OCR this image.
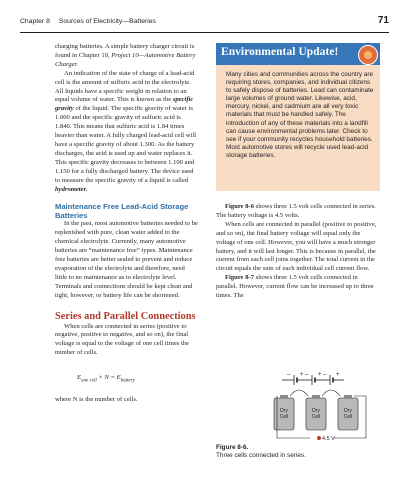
Chapter 8 Sources of Electricity—Batteries	71

charging batteries. A simple battery charger circuit is found in Chapter 19, Project 10—Automotive Battery Charger.

An indication of the state of charge of a lead-acid cell is the amount of sulfuric acid in the electrolyte. All liquids have a specific weight in relation to an equal volume of water. This is known as the specific gravity of the liquid. The specific gravity of water is 1.000 and the specific gravity of sulfuric acid is 1.840. This means that sulfuric acid is 1.84 times heavier than water. A fully charged lead-acid cell will have a specific gravity of about 1.300. As the battery discharges, the acid is used up and water replaces it. This specific gravity decreases to between 1.100 and 1.150 for a fully discharged battery. The device used to measure the specific gravity of a liquid is called hydrometer.

Maintenance Free Lead-Acid Storage Batteries

In the past, most automotive batteries needed to be replenished with pure, clean water added to the chemical electrolyte. Currently, many automotive batteries are “maintenance free” types. Maintenance free batteries are better sealed to prevent and reduce evaporation of the electrolyte and therefore, need little to no maintenance as to electrolyte level. Terminals and connections should be kept clean and tight, however, or battery life can be shortened.

Series and Parallel Connections

When cells are connected in series (positive to negative, positive to negative, and so on), the final voltage is equal to the voltage of one cell times the number of cells.

$E_{one cell} \times N = E_{battery}$

where N is the number of cells.

Environmental Update!
Many cities and communities across the country are requiring stores, companies, and individual citizens to safely dispose of batteries. Lead can contaminate large volumes of ground water. Likewise, acid, mercury, nickel, and cadmium are all very toxic materials that must be handled safely. The introduction of any of these materials into a landfill can cause environmental problems later. Check to see if your community recycles household batteries. Most automotive stores will recycle used lead-acid storage batteries.

Figure 8-6 shows three 1.5 volt cells connected in series. The battery voltage is 4.5 volts.

When cells are connected in parallel (positive to positive, and so on), the final battery voltage will equal only the voltage of one cell. However, you will have a much stronger battery, and it will last longer. This is because in parallel, the current from each cell joins together. The total current in the circuit equals the sum of each individual cell current flow.

Figure 8-7 shows three 1.5 volt cells connected in parallel. However, current flow can be increased up to three times. The

– + – + – +
Dry
Cell
Dry
Cell
Dry
Cell
4.5 V
Figure 8-6.
Three cells connected in series.
